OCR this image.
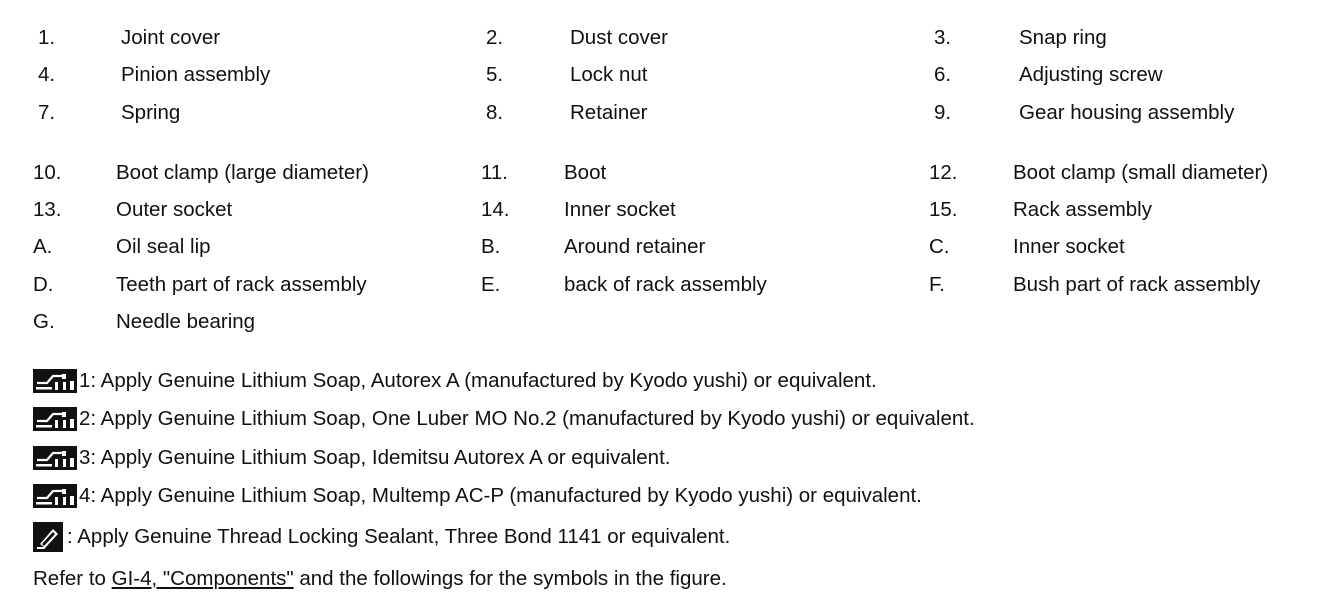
1.	Joint cover	2.	Dust cover	3.	Snap ring
4.	Pinion assembly	5.	Lock nut	6.	Adjusting screw
7.	Spring	8.	Retainer	9.	Gear housing assembly
10.	Boot clamp (large diameter)	11.	Boot	12.	Boot clamp (small diameter)
13.	Outer socket	14.	Inner socket	15.	Rack assembly
A.	Oil seal lip	B.	Around retainer	C.	Inner socket
D.	Teeth part of rack assembly	E.	back of rack assembly	F.	Bush part of rack assembly
G.	Needle bearing
1: Apply Genuine Lithium Soap, Autorex A (manufactured by Kyodo yushi) or equivalent.
2: Apply Genuine Lithium Soap, One Luber MO No.2 (manufactured by Kyodo yushi) or equivalent.
3: Apply Genuine Lithium Soap, Idemitsu Autorex A or equivalent.
4: Apply Genuine Lithium Soap, Multemp AC-P (manufactured by Kyodo yushi) or equivalent.
: Apply Genuine Thread Locking Sealant, Three Bond 1141 or equivalent.
Refer to GI-4, "Components" and the followings for the symbols in the figure.
